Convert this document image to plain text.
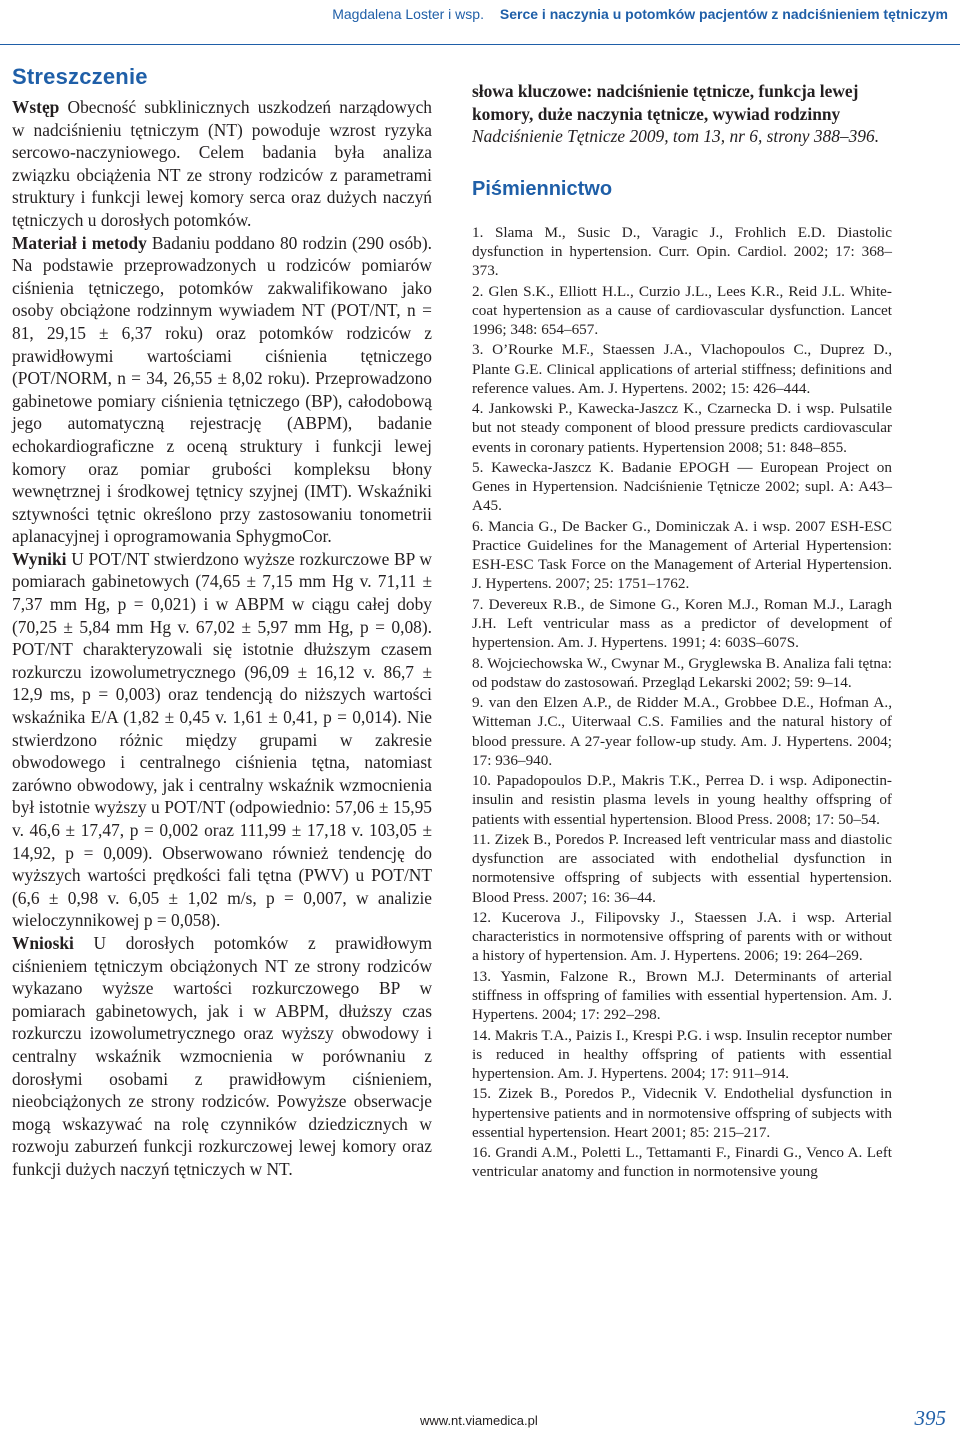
Magdalena Loster i wsp. Serce i naczynia u potomków pacjentów z nadciśnieniem tętniczym
Streszczenie

Wstęp Obecność subklinicznych uszkodzeń narządowych w nadciśnieniu tętniczym (NT) powoduje wzrost ryzyka sercowo-naczyniowego. Celem badania była analiza związku obciążenia NT ze strony rodziców z parametrami struktury i funkcji lewej komory serca oraz dużych naczyń tętniczych u dorosłych potomków.

Materiał i metody Badaniu poddano 80 rodzin (290 osób). Na podstawie przeprowadzonych u rodziców pomiarów ciśnienia tętniczego, potomków zakwalifikowano jako osoby obciążone rodzinnym wywiadem NT (POT/NT, n = 81, 29,15 ± 6,37 roku) oraz potomków rodziców z prawidłowymi wartościami ciśnienia tętniczego (POT/NORM, n = 34, 26,55 ± 8,02 roku). Przeprowadzono gabinetowe pomiary ciśnienia tętniczego (BP), całodobową jego automatyczną rejestrację (ABPM), badanie echokardiograficzne z oceną struktury i funkcji lewej komory oraz pomiar grubości kompleksu błony wewnętrznej i środkowej tętnicy szyjnej (IMT). Wskaźniki sztywności tętnic określono przy zastosowaniu tonometrii aplanacyjnej i oprogramowania SphygmoCor.

Wyniki U POT/NT stwierdzono wyższe rozkurczowe BP w pomiarach gabinetowych (74,65 ± 7,15 mm Hg v. 71,11 ± 7,37 mm Hg, p = 0,021) i w ABPM w ciągu całej doby (70,25 ± 5,84 mm Hg v. 67,02 ± 5,97 mm Hg, p = 0,08). POT/NT charakteryzowali się istotnie dłuższym czasem rozkurczu izowolumetrycznego (96,09 ± 16,12 v. 86,7 ± 12,9 ms, p = 0,003) oraz tendencją do niższych wartości wskaźnika E/A (1,82 ± 0,45 v. 1,61 ± 0,41, p = 0,014). Nie stwierdzono różnic między grupami w zakresie obwodowego i centralnego ciśnienia tętna, natomiast zarówno obwodowy, jak i centralny wskaźnik wzmocnienia był istotnie wyższy u POT/NT (odpowiednio: 57,06 ± 15,95 v. 46,6 ± 17,47, p = 0,002 oraz 111,99 ± 17,18 v. 103,05 ± 14,92, p = 0,009). Obserwowano również tendencję do wyższych wartości prędkości fali tętna (PWV) u POT/NT (6,6 ± 0,98 v. 6,05 ± 1,02 m/s, p = 0,007, w analizie wieloczynnikowej p = 0,058).

Wnioski U dorosłych potomków z prawidłowym ciśnieniem tętniczym obciążonych NT ze strony rodziców wykazano wyższe wartości rozkurczowego BP w pomiarach gabinetowych, jak i w ABPM, dłuższy czas rozkurczu izowolumetrycznego oraz wyższy obwodowy i centralny wskaźnik wzmocnienia w porównaniu z dorosłymi osobami z prawidłowym ciśnieniem, nieobciążonych ze strony rodziców. Powyższe obserwacje mogą wskazywać na rolę czynników dziedzicznych w rozwoju zaburzeń funkcji rozkurczowej lewej komory oraz funkcji dużych naczyń tętniczych w NT.

słowa kluczowe: nadciśnienie tętnicze, funkcja lewej komory, duże naczynia tętnicze, wywiad rodzinny
Nadciśnienie Tętnicze 2009, tom 13, nr 6, strony 388–396.
Piśmiennictwo
1. Slama M., Susic D., Varagic J., Frohlich E.D. Diastolic dysfunction in hypertension. Curr. Opin. Cardiol. 2002; 17: 368–373.
2. Glen S.K., Elliott H.L., Curzio J.L., Lees K.R., Reid J.L. White-coat hypertension as a cause of cardiovascular dysfunction. Lancet 1996; 348: 654–657.
3. O’Rourke M.F., Staessen J.A., Vlachopoulos C., Duprez D., Plante G.E. Clinical applications of arterial stiffness; definitions and reference values. Am. J. Hypertens. 2002; 15: 426–444.
4. Jankowski P., Kawecka-Jaszcz K., Czarnecka D. i wsp. Pulsatile but not steady component of blood pressure predicts cardiovascular events in coronary patients. Hypertension 2008; 51: 848–855.
5. Kawecka-Jaszcz K. Badanie EPOGH — European Project on Genes in Hypertension. Nadciśnienie Tętnicze 2002; supl. A: A43–A45.
6. Mancia G., De Backer G., Dominiczak A. i wsp. 2007 ESH-ESC Practice Guidelines for the Management of Arterial Hypertension: ESH-ESC Task Force on the Management of Arterial Hypertension. J. Hypertens. 2007; 25: 1751–1762.
7. Devereux R.B., de Simone G., Koren M.J., Roman M.J., Laragh J.H. Left ventricular mass as a predictor of development of hypertension. Am. J. Hypertens. 1991; 4: 603S–607S.
8. Wojciechowska W., Cwynar M., Gryglewska B. Analiza fali tętna: od podstaw do zastosowań. Przegląd Lekarski 2002; 59: 9–14.
9. van den Elzen A.P., de Ridder M.A., Grobbee D.E., Hofman A., Witteman J.C., Uiterwaal C.S. Families and the natural history of blood pressure. A 27-year follow-up study. Am. J. Hypertens. 2004; 17: 936–940.
10. Papadopoulos D.P., Makris T.K., Perrea D. i wsp. Adiponectin-insulin and resistin plasma levels in young healthy offspring of patients with essential hypertension. Blood Press. 2008; 17: 50–54.
11. Zizek B., Poredos P. Increased left ventricular mass and diastolic dysfunction are associated with endothelial dysfunction in normotensive offspring of subjects with essential hypertension. Blood Press. 2007; 16: 36–44.
12. Kucerova J., Filipovsky J., Staessen J.A. i wsp. Arterial characteristics in normotensive offspring of parents with or without a history of hypertension. Am. J. Hypertens. 2006; 19: 264–269.
13. Yasmin, Falzone R., Brown M.J. Determinants of arterial stiffness in offspring of families with essential hypertension. Am. J. Hypertens. 2004; 17: 292–298.
14. Makris T.A., Paizis I., Krespi P.G. i wsp. Insulin receptor number is reduced in healthy offspring of patients with essential hypertension. Am. J. Hypertens. 2004; 17: 911–914.
15. Zizek B., Poredos P., Videcnik V. Endothelial dysfunction in hypertensive patients and in normotensive offspring of subjects with essential hypertension. Heart 2001; 85: 215–217.
16. Grandi A.M., Poletti L., Tettamanti F., Finardi G., Venco A. Left ventricular anatomy and function in normotensive young
www.nt.viamedica.pl	395
